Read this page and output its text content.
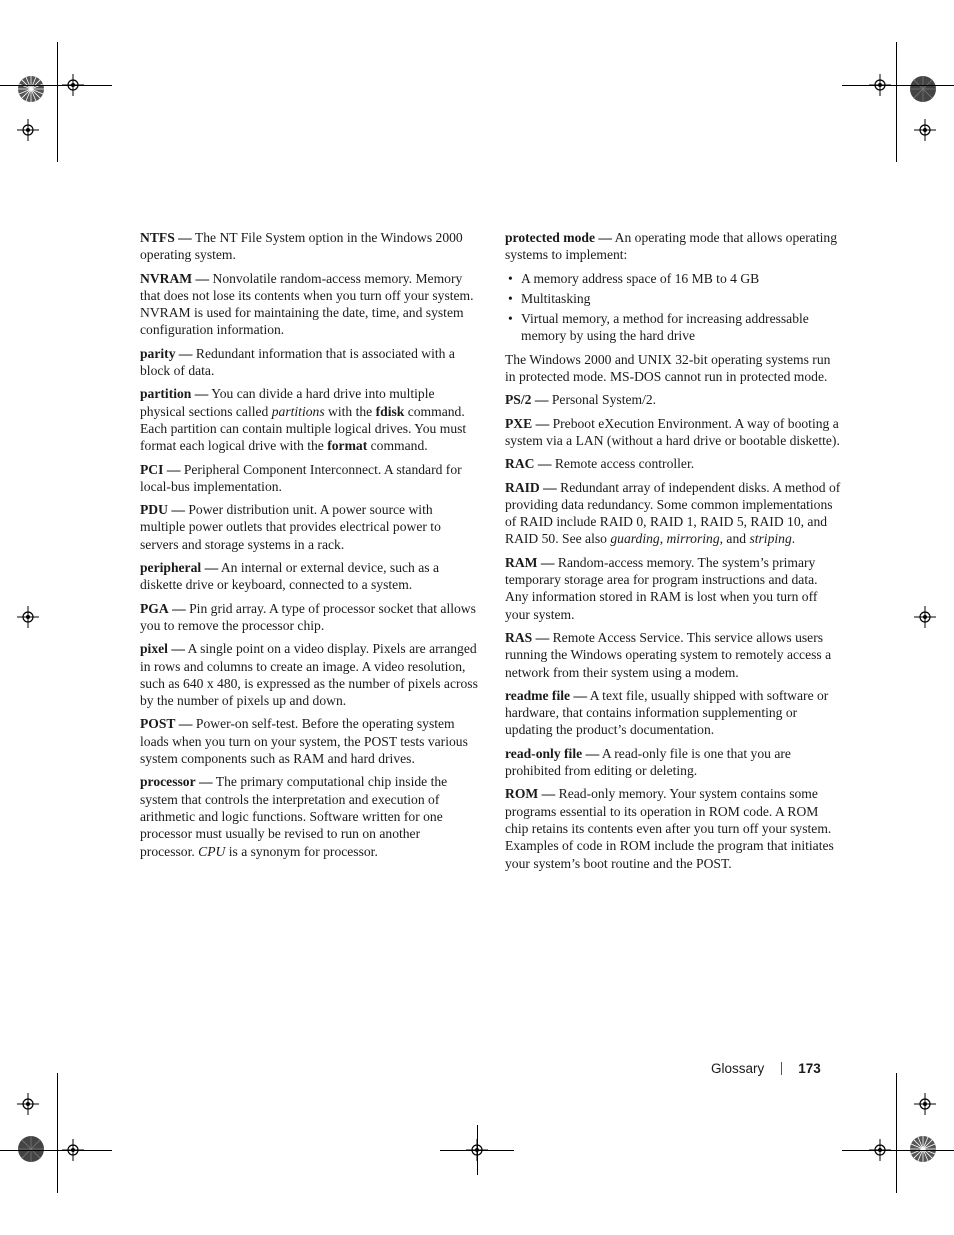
NTFS — The NT File System option in the Windows 2000 operating system.

NVRAM — Nonvolatile random-access memory. Memory that does not lose its contents when you turn off your system. NVRAM is used for maintaining the date, time, and system configuration information.

parity — Redundant information that is associated with a block of data.

partition — You can divide a hard drive into multiple physical sections called partitions with the fdisk command. Each partition can contain multiple logical drives. You must format each logical drive with the format command.

PCI — Peripheral Component Interconnect. A standard for local-bus implementation.

PDU — Power distribution unit. A power source with multiple power outlets that provides electrical power to servers and storage systems in a rack.

peripheral — An internal or external device, such as a diskette drive or keyboard, connected to a system.

PGA — Pin grid array. A type of processor socket that allows you to remove the processor chip.

pixel — A single point on a video display. Pixels are arranged in rows and columns to create an image. A video resolution, such as 640 x 480, is expressed as the number of pixels across by the number of pixels up and down.

POST — Power-on self-test. Before the operating system loads when you turn on your system, the POST tests various system components such as RAM and hard drives.

processor — The primary computational chip inside the system that controls the interpretation and execution of arithmetic and logic functions. Software written for one processor must usually be revised to run on another processor. CPU is a synonym for processor.

protected mode — An operating mode that allows operating systems to implement:

• A memory address space of 16 MB to 4 GB
• Multitasking
• Virtual memory, a method for increasing addressable memory by using the hard drive

The Windows 2000 and UNIX 32-bit operating systems run in protected mode. MS-DOS cannot run in protected mode.

PS/2 — Personal System/2.

PXE — Preboot eXecution Environment. A way of booting a system via a LAN (without a hard drive or bootable diskette).

RAC — Remote access controller.

RAID — Redundant array of independent disks. A method of providing data redundancy. Some common implementations of RAID include RAID 0, RAID 1, RAID 5, RAID 10, and RAID 50. See also guarding, mirroring, and striping.

RAM — Random-access memory. The system’s primary temporary storage area for program instructions and data. Any information stored in RAM is lost when you turn off your system.

RAS — Remote Access Service. This service allows users running the Windows operating system to remotely access a network from their system using a modem.

readme file — A text file, usually shipped with software or hardware, that contains information supplementing or updating the product’s documentation.

read-only file — A read-only file is one that you are prohibited from editing or deleting.

ROM — Read-only memory. Your system contains some programs essential to its operation in ROM code. A ROM chip retains its contents even after you turn off your system. Examples of code in ROM include the program that initiates your system’s boot routine and the POST.

Glossary	173
